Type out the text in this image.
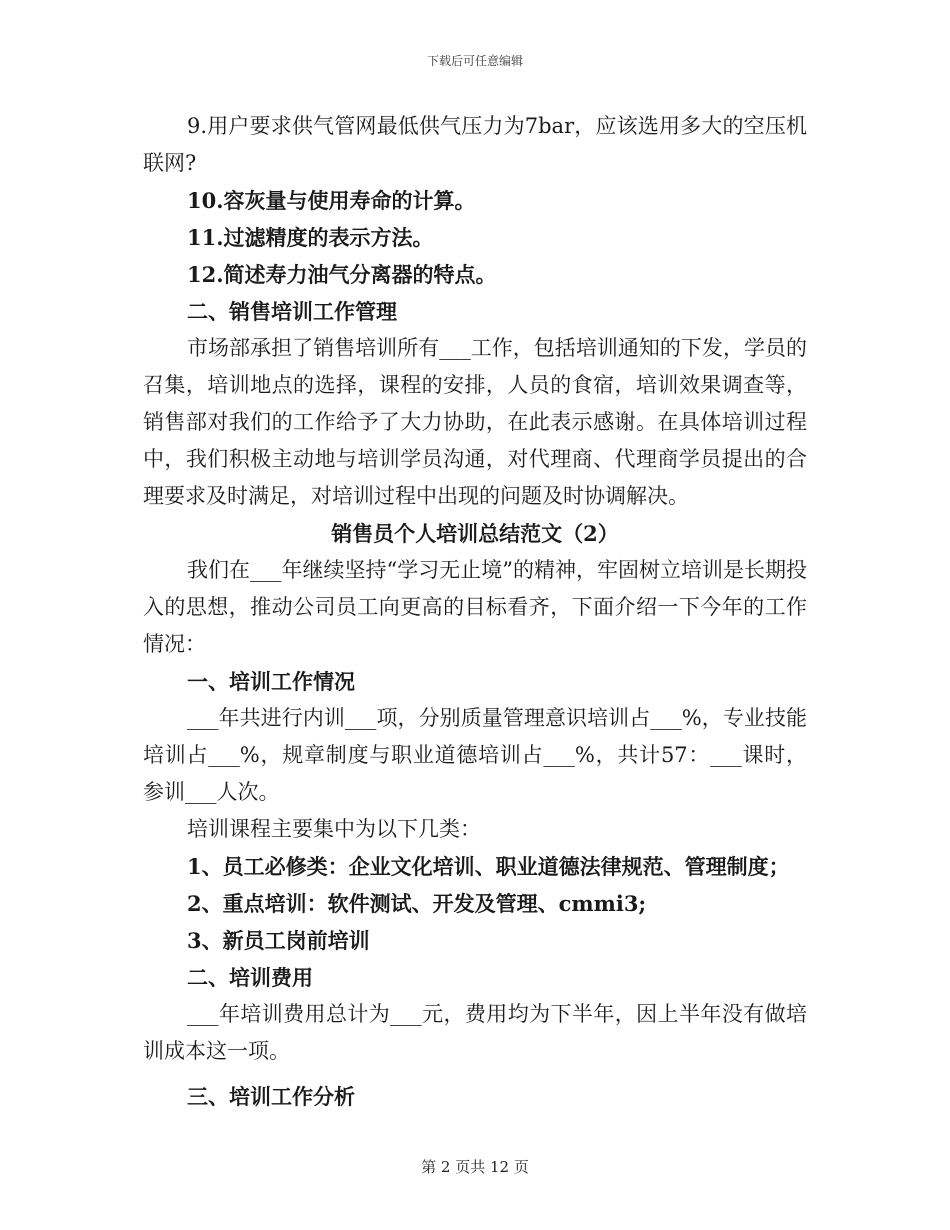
下载后可任意编辑

9.用户要求供气管网最低供气压力为7bar，应该选用多大的空压机联网?

10.容灰量与使用寿命的计算。

11.过滤精度的表示方法。

12.简述寿力油气分离器的特点。

二、销售培训工作管理

市场部承担了销售培训所有___工作，包括培训通知的下发，学员的召集，培训地点的选择，课程的安排，人员的食宿，培训效果调查等，销售部对我们的工作给予了大力协助，在此表示感谢。在具体培训过程中，我们积极主动地与培训学员沟通，对代理商、代理商学员提出的合理要求及时满足，对培训过程中出现的问题及时协调解决。

销售员个人培训总结范文（2）

我们在___年继续坚持“学习无止境”的精神，牢固树立培训是长期投入的思想，推动公司员工向更高的目标看齐，下面介绍一下今年的工作情况：

一、培训工作情况

___年共进行内训___项，分别质量管理意识培训占___%，专业技能培训占___%，规章制度与职业道德培训占___%，共计57：___课时，参训___人次。

培训课程主要集中为以下几类：

1、员工必修类：企业文化培训、职业道德法律规范、管理制度；

2、重点培训：软件测试、开发及管理、cmmi3;

3、新员工岗前培训

二、培训费用

___年培训费用总计为___元，费用均为下半年，因上半年没有做培训成本这一项。

三、培训工作分析

第 2 页共 12 页
